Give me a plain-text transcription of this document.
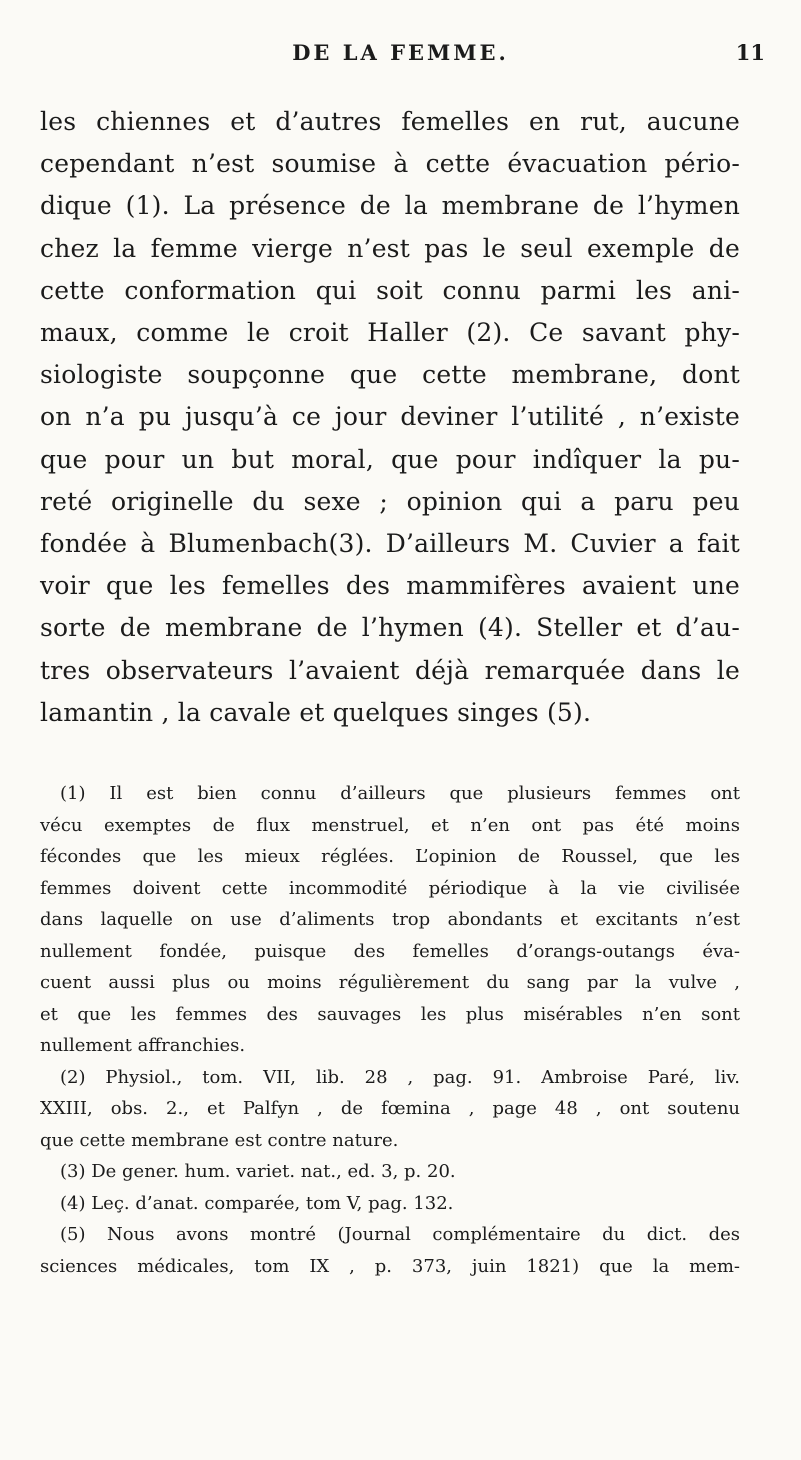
DE LA FEMME.	11
les chiennes et d’autres femelles en rut, aucune
cependant n’est soumise à cette évacuation pério-
dique (1). La présence de la membrane de l’hymen
chez la femme vierge n’est pas le seul exemple de
cette conformation qui soit connu parmi les ani-
maux, comme le croit Haller (2). Ce savant phy-
siologiste soupçonne que cette membrane, dont
on n’a pu jusqu’à ce jour deviner l’utilité , n’existe
que pour un but moral, que pour indîquer la pu-
reté originelle du sexe ; opinion qui a paru peu
fondée à Blumenbach(3). D’ailleurs M. Cuvier a fait
voir que les femelles des mammifères avaient une
sorte de membrane de l’hymen (4). Steller et d’au-
tres observateurs l’avaient déjà remarquée dans le
lamantin , la cavale et quelques singes (5).
(1) Il est bien connu d’ailleurs que plusieurs femmes ont
vécu exemptes de flux menstruel, et n’en ont pas été moins
fécondes que les mieux réglées. L’opinion de Roussel, que les
femmes doivent cette incommodité périodique à la vie civilisée
dans laquelle on use d’aliments trop abondants et excitants n’est
nullement fondée, puisque des femelles d’orangs-outangs éva-
cuent aussi plus ou moins régulièrement du sang par la vulve ,
et que les femmes des sauvages les plus misérables n’en sont
nullement affranchies.
(2) Physiol., tom. VII, lib. 28 , pag. 91. Ambroise Paré, liv.
XXIII, obs. 2., et Palfyn , de fœmina , page 48 , ont soutenu
que cette membrane est contre nature.
(3) De gener. hum. variet. nat., ed. 3, p. 20.
(4) Leç. d’anat. comparée, tom V, pag. 132.
(5) Nous avons montré (Journal complémentaire du dict. des
sciences médicales, tom IX , p. 373, juin 1821) que la mem-
